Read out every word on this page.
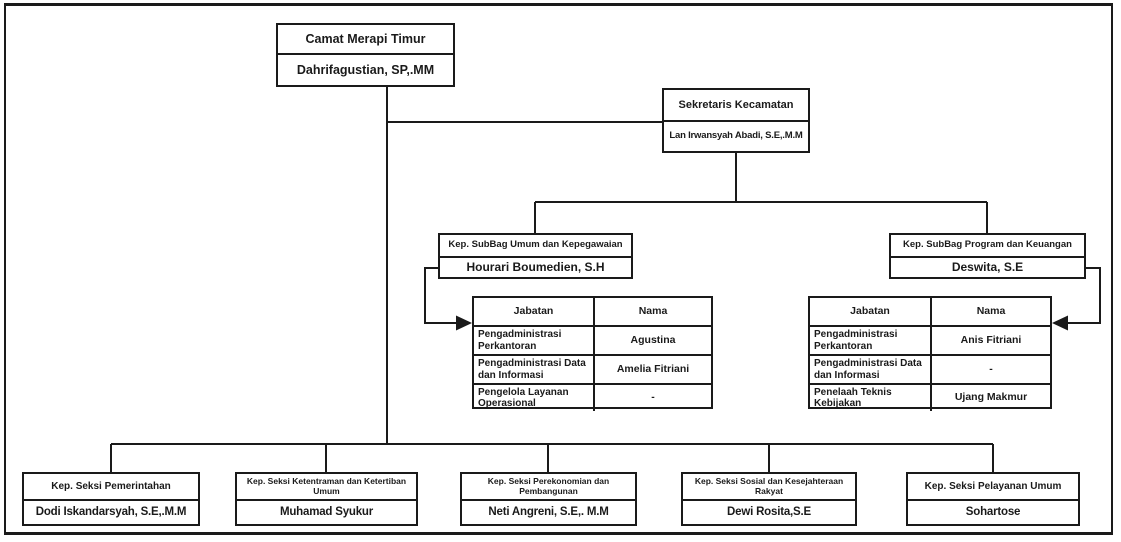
Camat Merapi Timur
Dahrifagustian, SP,.MM
Sekretaris Kecamatan
Lan Irwansyah Abadi, S.E,.M.M
Kep. SubBag Umum dan Kepegawaian
Hourari Boumedien, S.H
Kep. SubBag Program dan Keuangan
Deswita, S.E
Jabatan	Nama
Pengadministrasi Perkantoran
Agustina
Pengadministrasi Data dan Informasi
Amelia Fitriani
Pengelola Layanan Operasional
-
Jabatan	Nama
Pengadministrasi Perkantoran
Anis Fitriani
Pengadministrasi Data dan Informasi
-
Penelaah Teknis Kebijakan
Ujang Makmur
Kep. Seksi Pemerintahan
Dodi Iskandarsyah, S.E,.M.M
Kep. Seksi Ketentraman dan Ketertiban Umum
Muhamad Syukur
Kep. Seksi Perekonomian dan Pembangunan
Neti Angreni, S.E,. M.M
Kep. Seksi Sosial dan Kesejahteraan Rakyat
Dewi Rosita,S.E
Kep. Seksi Pelayanan Umum
Sohartose
